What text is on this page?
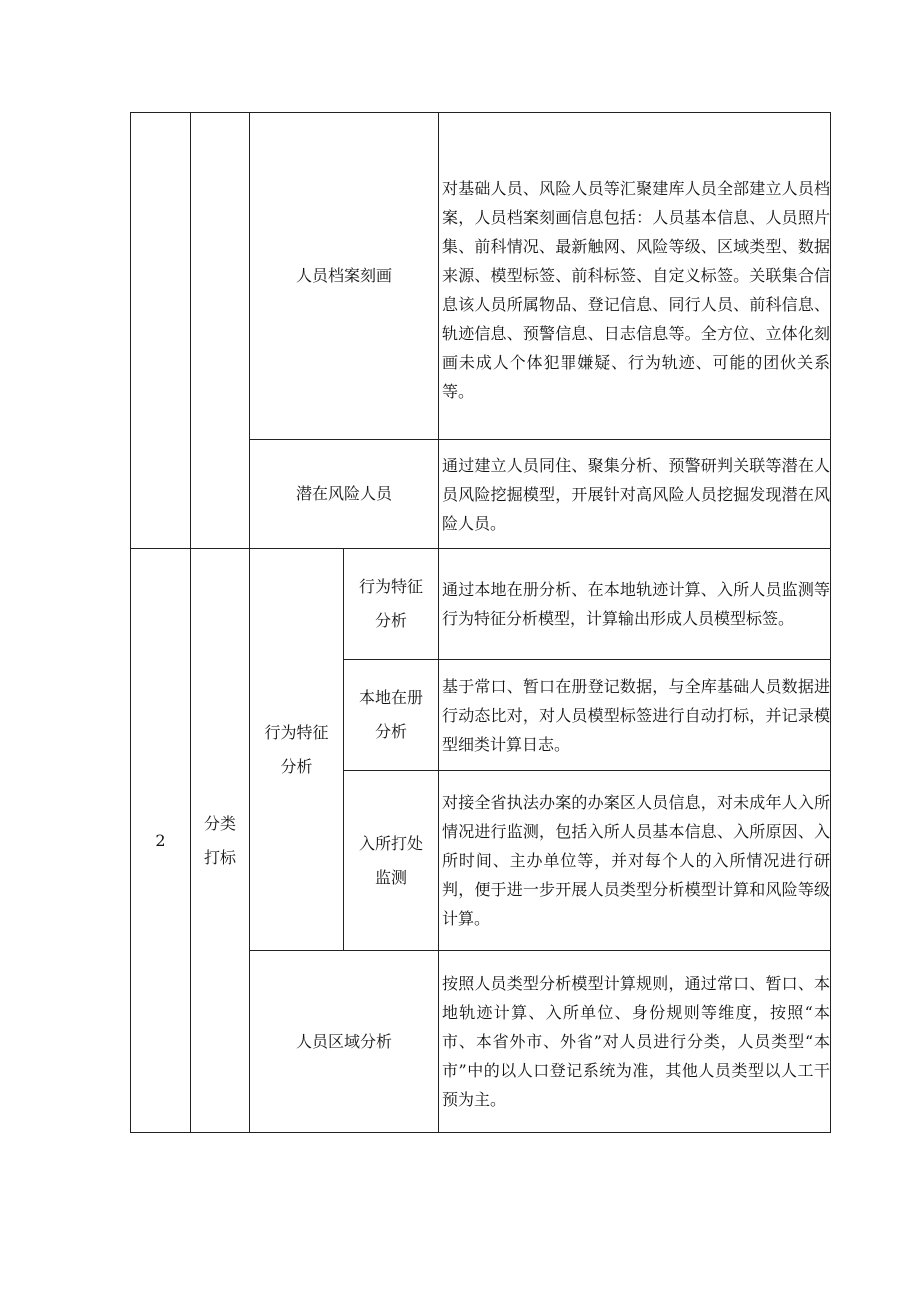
		人员档案刻画		对基础人员、风险人员等汇聚建库人员全部建立人员档案，人员档案刻画信息包括：人员基本信息、人员照片集、前科情况、最新触网、风险等级、区域类型、数据来源、模型标签、前科标签、自定义标签。关联集合信息该人员所属物品、登记信息、同行人员、前科信息、轨迹信息、预警信息、日志信息等。全方位、立体化刻画未成人个体犯罪嫌疑、行为轨迹、可能的团伙关系等。

		潜在风险人员		通过建立人员同住、聚集分析、预警研判关联等潜在人员风险挖掘模型，开展针对高风险人员挖掘发现潜在风险人员。

2	分类打标	行为特征分析	行为特征分析	通过本地在册分析、在本地轨迹计算、入所人员监测等行为特征分析模型，计算输出形成人员模型标签。

			本地在册分析	基于常口、暂口在册登记数据，与全库基础人员数据进行动态比对，对人员模型标签进行自动打标，并记录模型细类计算日志。

			入所打处监测	对接全省执法办案的办案区人员信息，对未成年人入所情况进行监测，包括入所人员基本信息、入所原因、入所时间、主办单位等，并对每个人的入所情况进行研判，便于进一步开展人员类型分析模型计算和风险等级计算。

		人员区域分析		按照人员类型分析模型计算规则，通过常口、暂口、本地轨迹计算、入所单位、身份规则等维度，按照“本市、本省外市、外省”对人员进行分类，人员类型“本市”中的以人口登记系统为准，其他人员类型以人工干预为主。
